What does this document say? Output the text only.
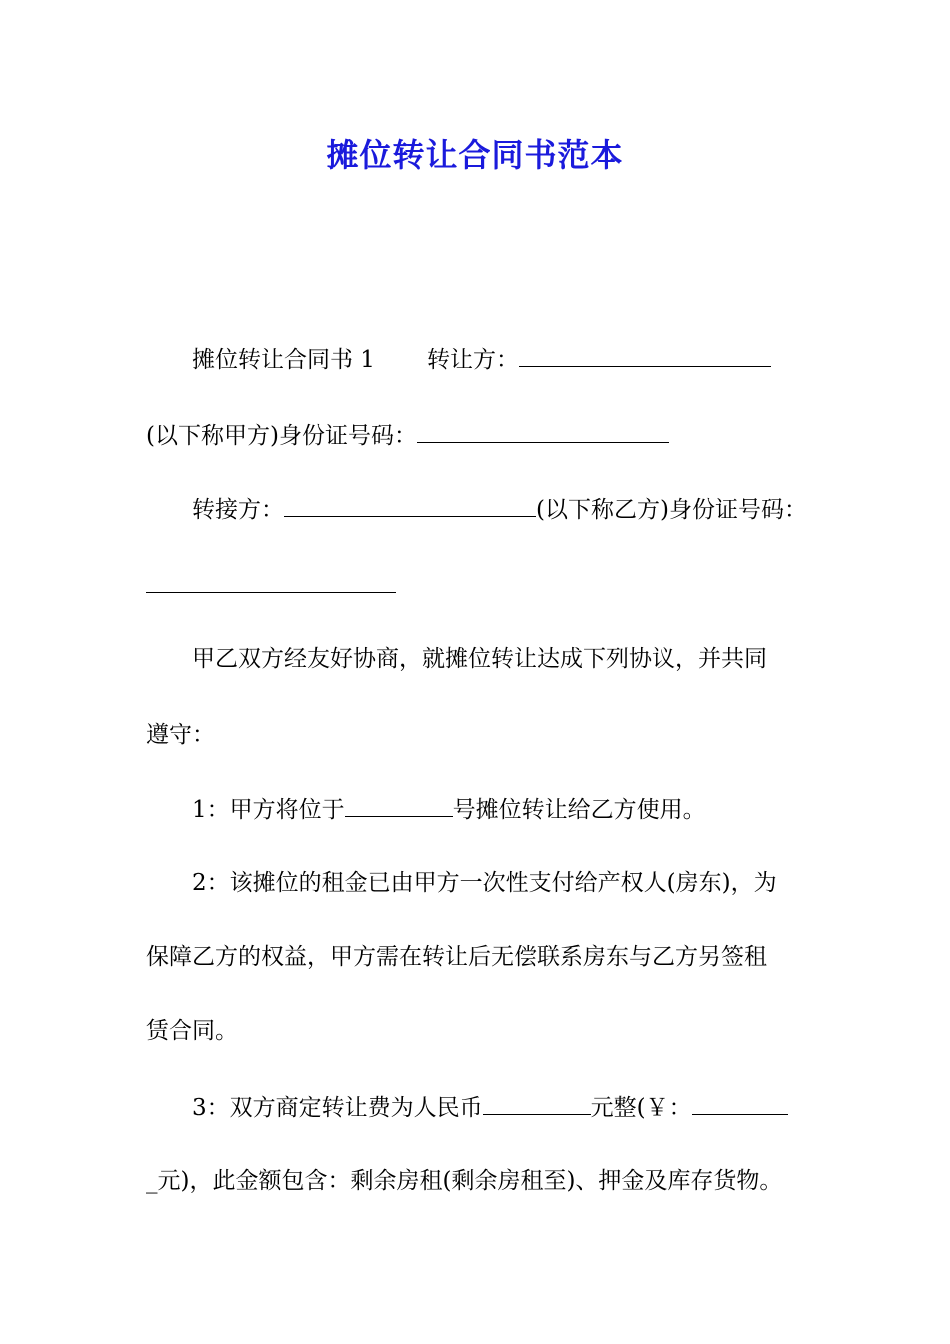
摊位转让合同书范本
摊位转让合同书 1 转让方：
(以下称甲方)身份证号码：
转接方：	(以下称乙方)身份证号码：
甲乙双方经友好协商，就摊位转让达成下列协议，并共同
遵守：
1：甲方将位于	号摊位转让给乙方使用。
2：该摊位的租金已由甲方一次性支付给产权人(房东)，为
保障乙方的权益，甲方需在转让后无偿联系房东与乙方另签租
赁合同。
3：双方商定转让费为人民币	元整(￥：
_元)，此金额包含：剩余房租(剩余房租至)、押金及库存货物。
